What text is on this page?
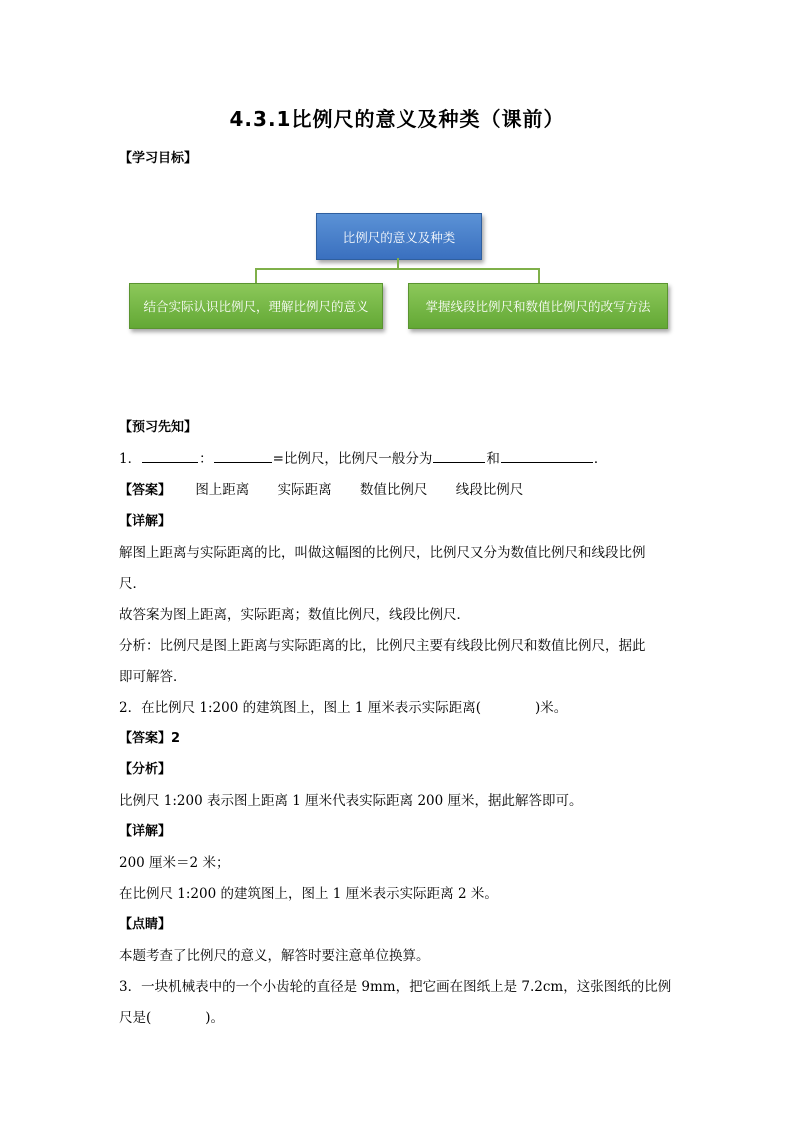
4.3.1比例尺的意义及种类（课前）
【学习目标】
比例尺的意义及种类
结合实际认识比例尺，理解比例尺的意义	掌握线段比例尺和数值比例尺的改写方法
【预习先知】
1．	：	=比例尺，比例尺一般分为	和	．
【答案】 图上距离 实际距离 数值比例尺 线段比例尺
【详解】
解图上距离与实际距离的比，叫做这幅图的比例尺，比例尺又分为数值比例尺和线段比例
尺．
故答案为图上距离，实际距离；数值比例尺，线段比例尺．
分析：比例尺是图上距离与实际距离的比，比例尺主要有线段比例尺和数值比例尺，据此
即可解答．
2．在比例尺 1:200 的建筑图上，图上 1 厘米表示实际距离(　　　　)米。
【答案】2
【分析】
比例尺 1:200 表示图上距离 1 厘米代表实际距离 200 厘米，据此解答即可。
【详解】
200 厘米＝2 米；
在比例尺 1:200 的建筑图上，图上 1 厘米表示实际距离 2 米。
【点睛】
本题考查了比例尺的意义，解答时要注意单位换算。
3．一块机械表中的一个小齿轮的直径是 9mm，把它画在图纸上是 7.2cm，这张图纸的比例
尺是(　　　　)。
